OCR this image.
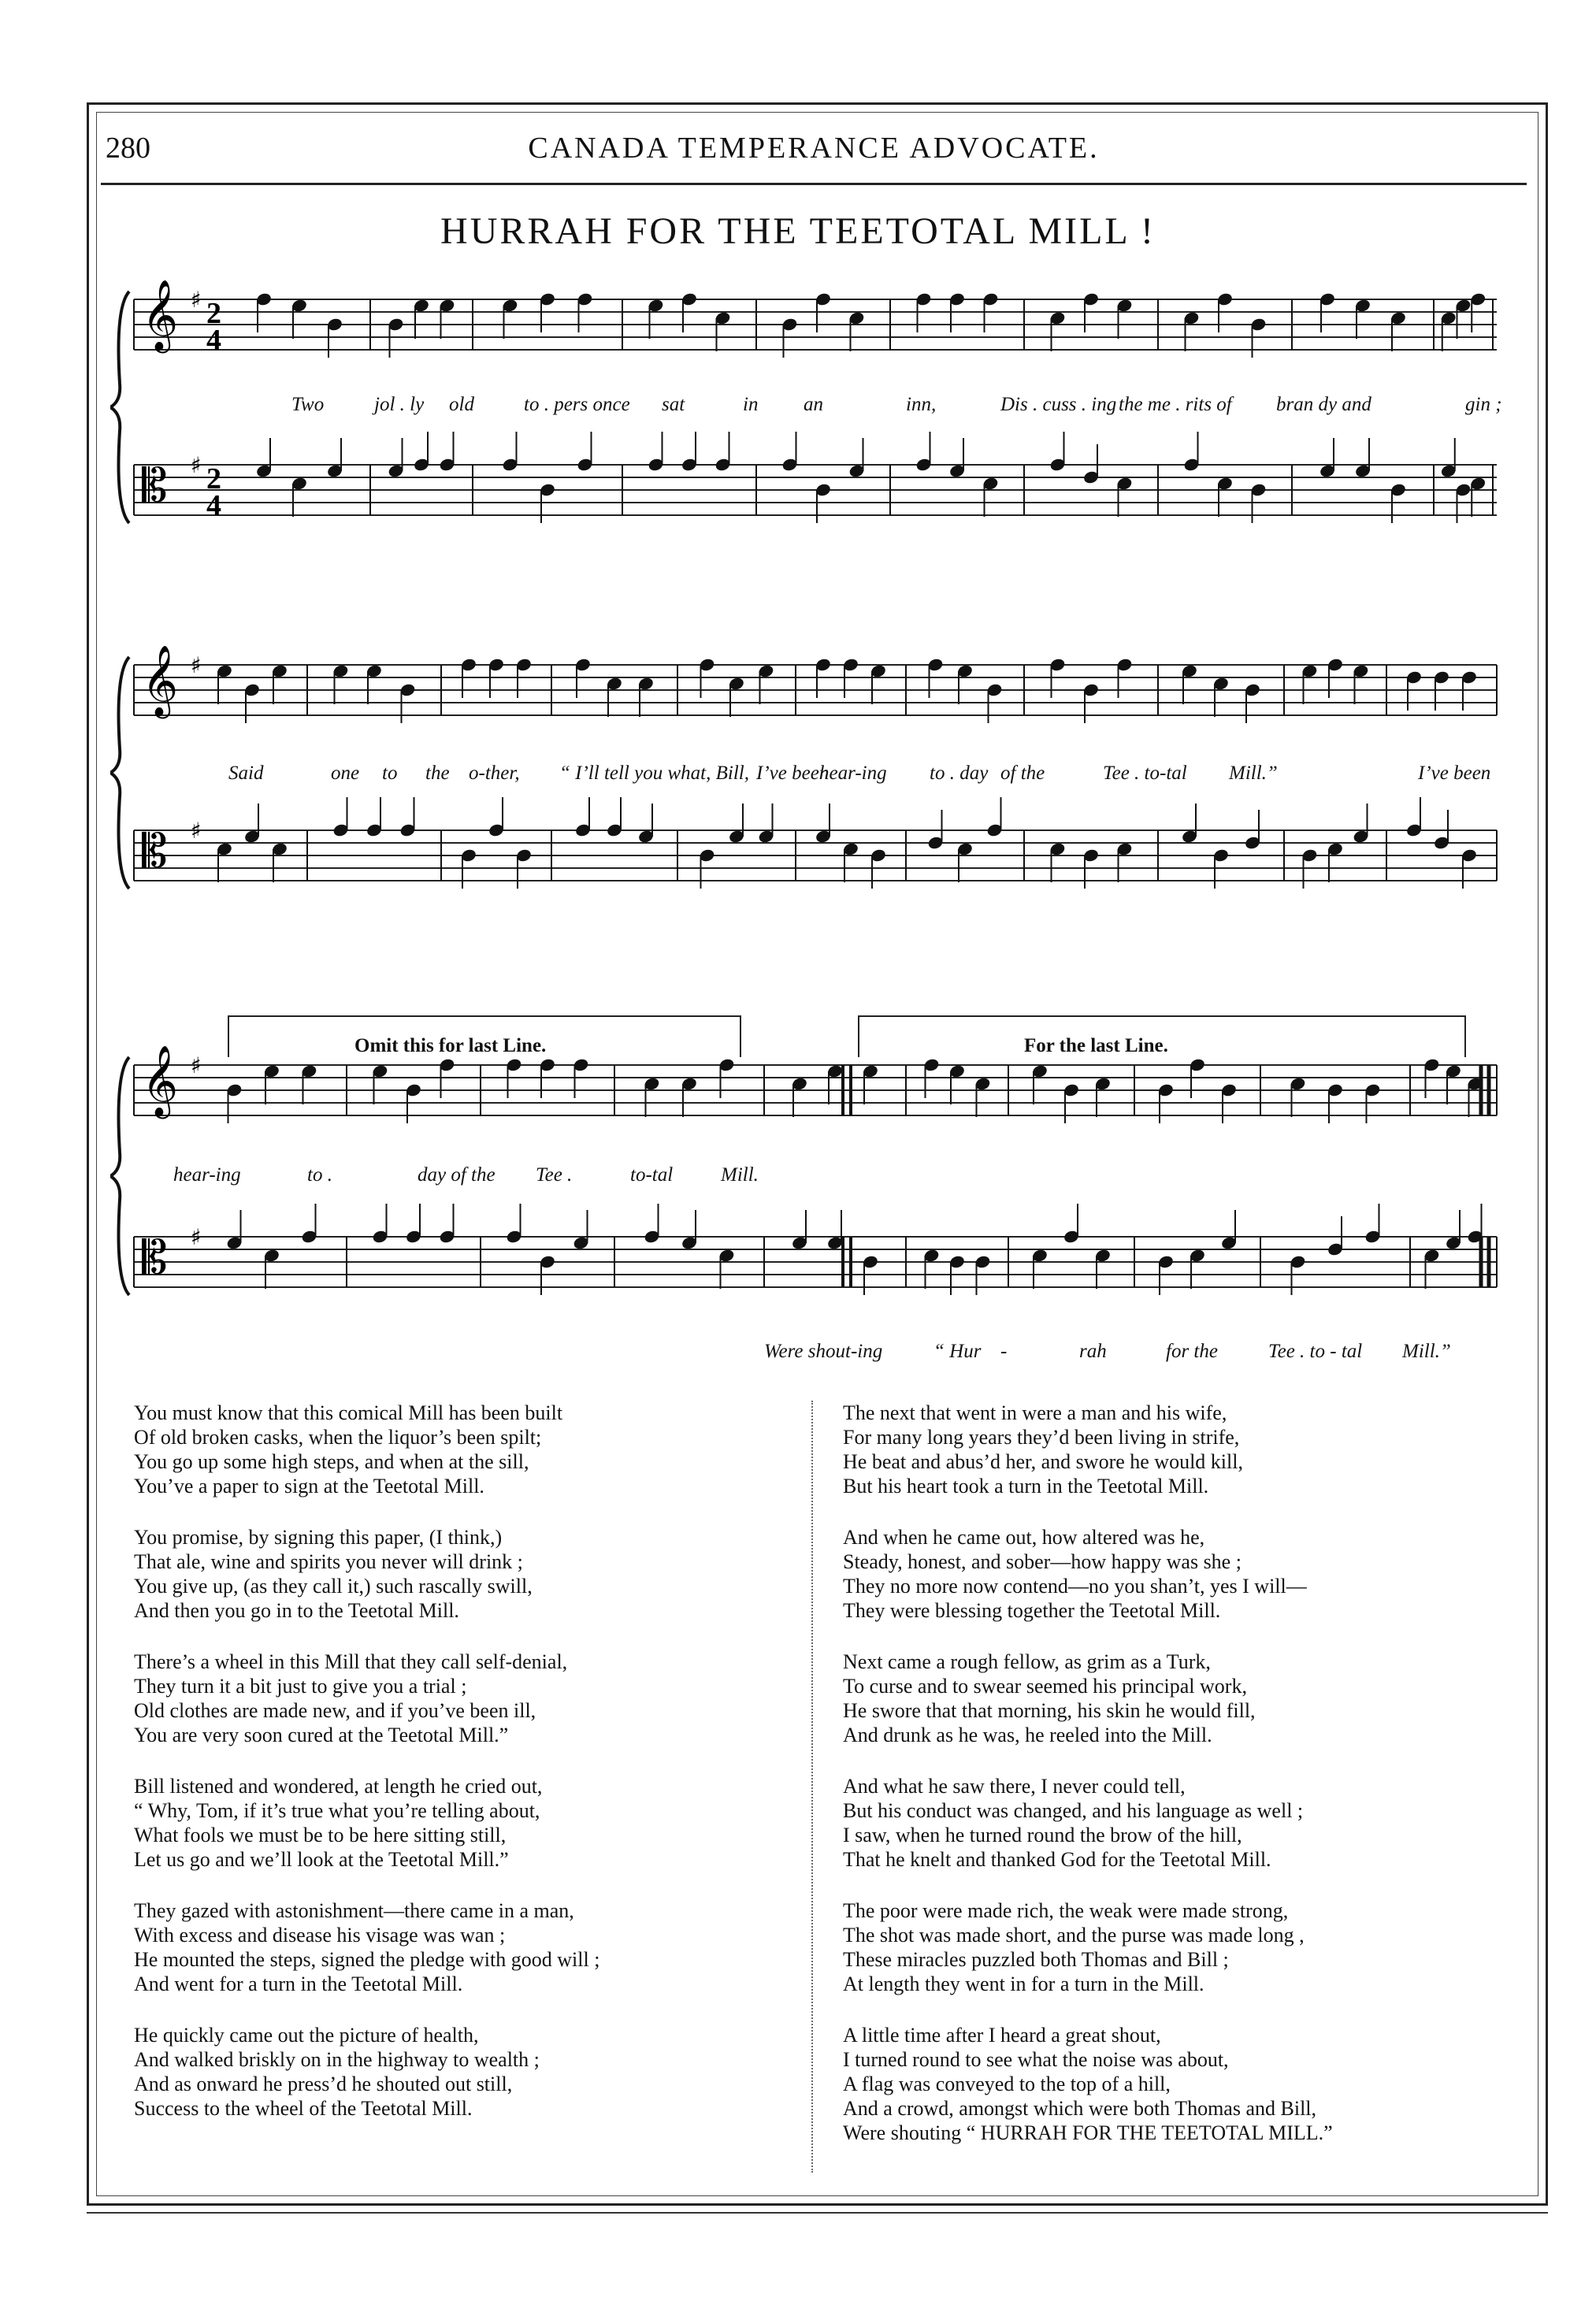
280	CANADA TEMPERANCE ADVOCATE.
HURRAH FOR THE TEETOTAL MILL !
𝄞 ♯ 2
4
𝄡 ♯ 2
4
Two	jol . ly old	to . pers once sat	in an	inn,	Dis . cuss . ing the me . rits of bran dy and	gin ;
𝄞 ♯
𝄡 ♯
Said	one to the o-ther, “ I’ll tell you what, Bill, I’ve been
hear-ing to . day of the	Tee . to-tal Mill.”	I’ve been
𝄞 ♯
𝄡 ♯
Omit this for last Line.	For the last Line.
hear-ing	to .	day of the Tee .	to-tal Mill.
Were shout-ing	“ Hur -	rah	for the	Tee . to - tal Mill.”
You must know that this comical Mill has been built
Of old broken casks, when the liquor’s been spilt;
You go up some high steps, and when at the sill,
You’ve a paper to sign at the Teetotal Mill.
You promise, by signing this paper, (I think,)
That ale, wine and spirits you never will drink ;
You give up, (as they call it,) such rascally swill,
And then you go in to the Teetotal Mill.
There’s a wheel in this Mill that they call self-denial,
They turn it a bit just to give you a trial ;
Old clothes are made new, and if you’ve been ill,
You are very soon cured at the Teetotal Mill.”
Bill listened and wondered, at length he cried out,
“ Why, Tom, if it’s true what you’re telling about,
What fools we must be to be here sitting still,
Let us go and we’ll look at the Teetotal Mill.”
They gazed with astonishment—there came in a man,
With excess and disease his visage was wan ;
He mounted the steps, signed the pledge with good will ;
And went for a turn in the Teetotal Mill.
He quickly came out the picture of health,
And walked briskly on in the highway to wealth ;
And as onward he press’d he shouted out still,
Success to the wheel of the Teetotal Mill.
The next that went in were a man and his wife,
For many long years they’d been living in strife,
He beat and abus’d her, and swore he would kill,
But his heart took a turn in the Teetotal Mill.
And when he came out, how altered was he,
Steady, honest, and sober—how happy was she ;
They no more now contend—no you shan’t, yes I will—
They were blessing together the Teetotal Mill.
Next came a rough fellow, as grim as a Turk,
To curse and to swear seemed his principal work,
He swore that that morning, his skin he would fill,
And drunk as he was, he reeled into the Mill.
And what he saw there, I never could tell,
But his conduct was changed, and his language as well ;
I saw, when he turned round the brow of the hill,
That he knelt and thanked God for the Teetotal Mill.
The poor were made rich, the weak were made strong,
The shot was made short, and the purse was made long ,
These miracles puzzled both Thomas and Bill ;
At length they went in for a turn in the Mill.
A little time after I heard a great shout,
I turned round to see what the noise was about,
A flag was conveyed to the top of a hill,
And a crowd, amongst which were both Thomas and Bill,
Were shouting “ HURRAH FOR THE TEETOTAL MILL.”
